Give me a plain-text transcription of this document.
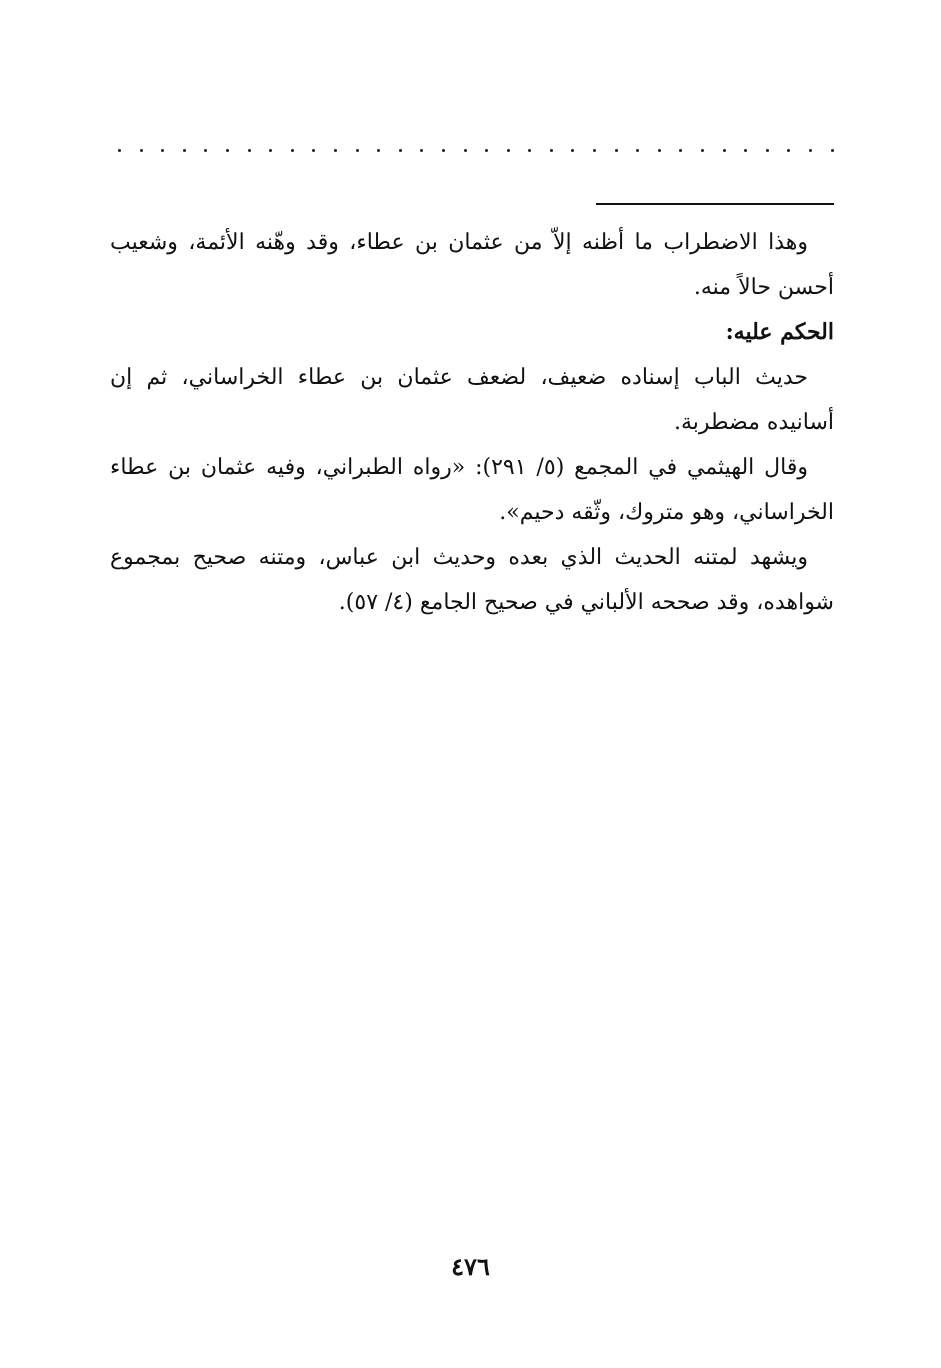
وهذا الاضطراب ما أظنه إلاّ من عثمان بن عطاء، وقد وهّنه الأئمة، وشعيب أحسن حالاً منه.

الحكم عليه:

حديث الباب إسناده ضعيف، لضعف عثمان بن عطاء الخراساني، ثم إن أسانيده مضطربة.

وقال الهيثمي في المجمع (٥/ ٢٩١): «رواه الطبراني، وفيه عثمان بن عطاء الخراساني، وهو متروك، وثّقه دحيم».

ويشهد لمتنه الحديث الذي بعده وحديث ابن عباس، ومتنه صحيح بمجموع شواهده، وقد صححه الألباني في صحيح الجامع (٤/ ٥٧).

٤٧٦
